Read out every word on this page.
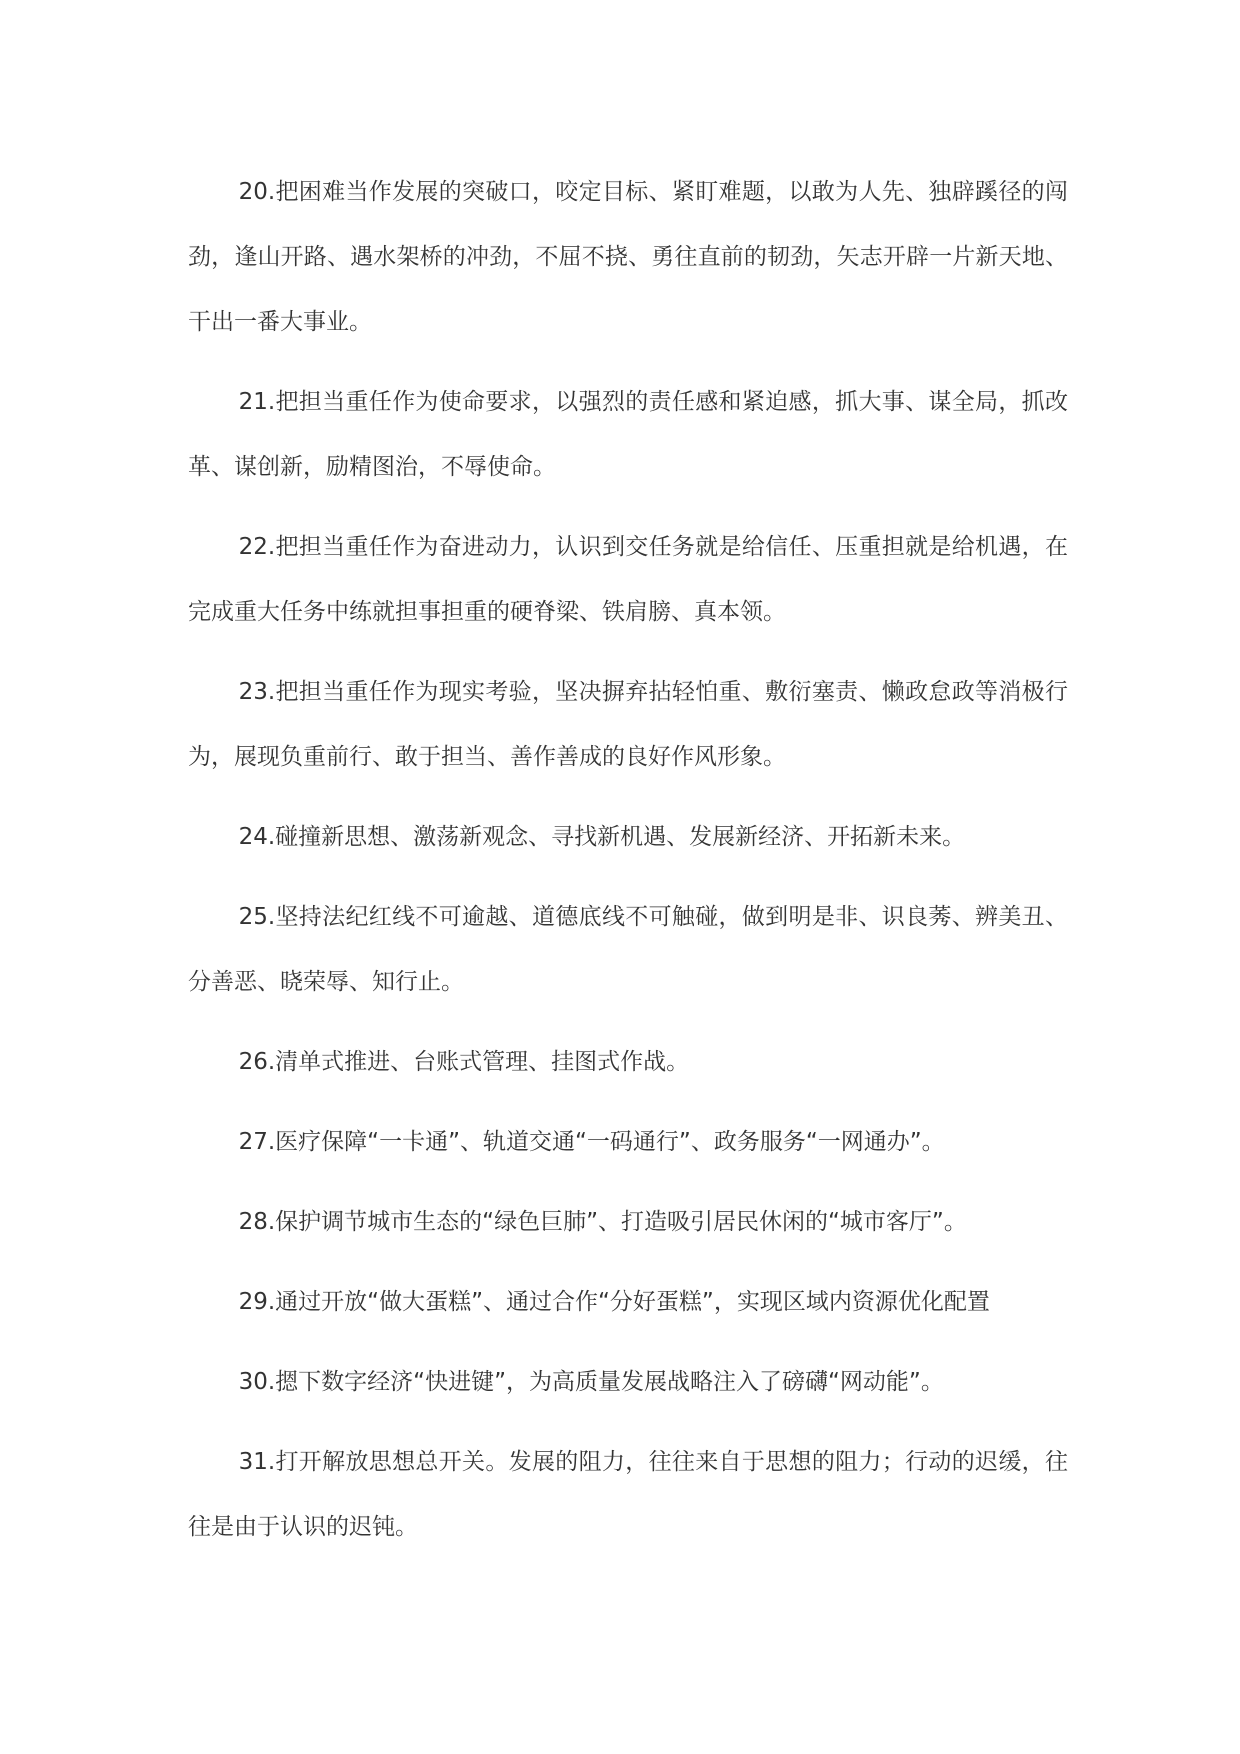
20.把困难当作发展的突破口，咬定目标、紧盯难题，以敢为人先、独辟蹊径的闯劲，逢山开路、遇水架桥的冲劲，不屈不挠、勇往直前的韧劲，矢志开辟一片新天地、干出一番大事业。

21.把担当重任作为使命要求，以强烈的责任感和紧迫感，抓大事、谋全局，抓改革、谋创新，励精图治，不辱使命。

22.把担当重任作为奋进动力，认识到交任务就是给信任、压重担就是给机遇，在完成重大任务中练就担事担重的硬脊梁、铁肩膀、真本领。

23.把担当重任作为现实考验，坚决摒弃拈轻怕重、敷衍塞责、懒政怠政等消极行为，展现负重前行、敢于担当、善作善成的良好作风形象。

24.碰撞新思想、激荡新观念、寻找新机遇、发展新经济、开拓新未来。

25.坚持法纪红线不可逾越、道德底线不可触碰，做到明是非、识良莠、辨美丑、分善恶、晓荣辱、知行止。

26.清单式推进、台账式管理、挂图式作战。

27.医疗保障“一卡通”、轨道交通“一码通行”、政务服务“一网通办”。

28.保护调节城市生态的“绿色巨肺”、打造吸引居民休闲的“城市客厅”。

29.通过开放“做大蛋糕”、通过合作“分好蛋糕”，实现区域内资源优化配置

30.摁下数字经济“快进键”，为高质量发展战略注入了磅礴“网动能”。

31.打开解放思想总开关。发展的阻力，往往来自于思想的阻力；行动的迟缓，往往是由于认识的迟钝。
